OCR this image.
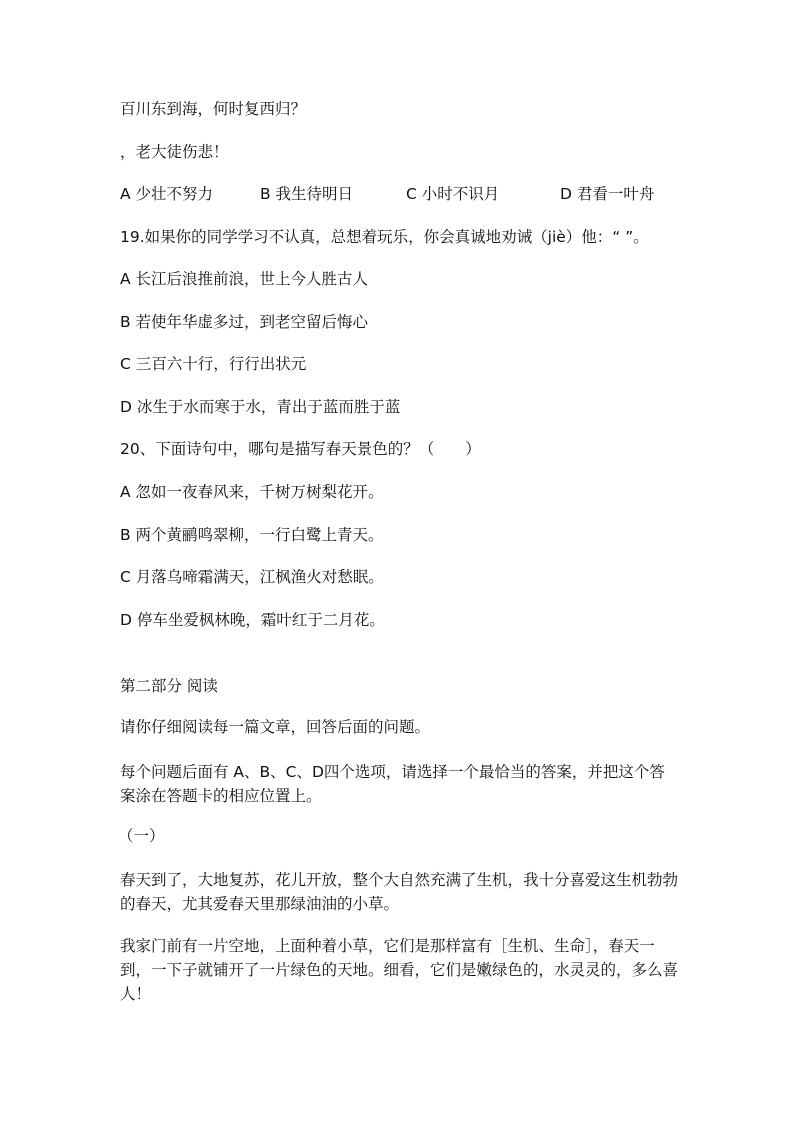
百川东到海，何时复西归？
，老大徒伤悲！
A 少壮不努力	B 我生待明日	C 小时不识月	D 君看一叶舟
19.如果你的同学学习不认真，总想着玩乐，你会真诚地劝诫（jiè）他：“ ”。
A 长江后浪推前浪，世上今人胜古人
B 若使年华虚多过，到老空留后悔心
C 三百六十行，行行出状元
D 冰生于水而寒于水，青出于蓝而胜于蓝
20、下面诗句中，哪句是描写春天景色的？（　　）
A 忽如一夜春风来，千树万树梨花开。
B 两个黄鹂鸣翠柳，一行白鹭上青天。
C 月落乌啼霜满天，江枫渔火对愁眠。
D 停车坐爱枫林晚，霜叶红于二月花。
第二部分 阅读
请你仔细阅读每一篇文章，回答后面的问题。
每个问题后面有 A、B、C、D四个选项，请选择一个最恰当的答案，并把这个答案涂在答题卡的相应位置上。
（一）
春天到了，大地复苏，花儿开放，整个大自然充满了生机，我十分喜爱这生机勃勃的春天，尤其爱春天里那绿油油的小草。
我家门前有一片空地，上面种着小草，它们是那样富有［生机、生命］，春天一到，一下子就铺开了一片绿色的天地。细看，它们是嫩绿色的，水灵灵的，多么喜人！
